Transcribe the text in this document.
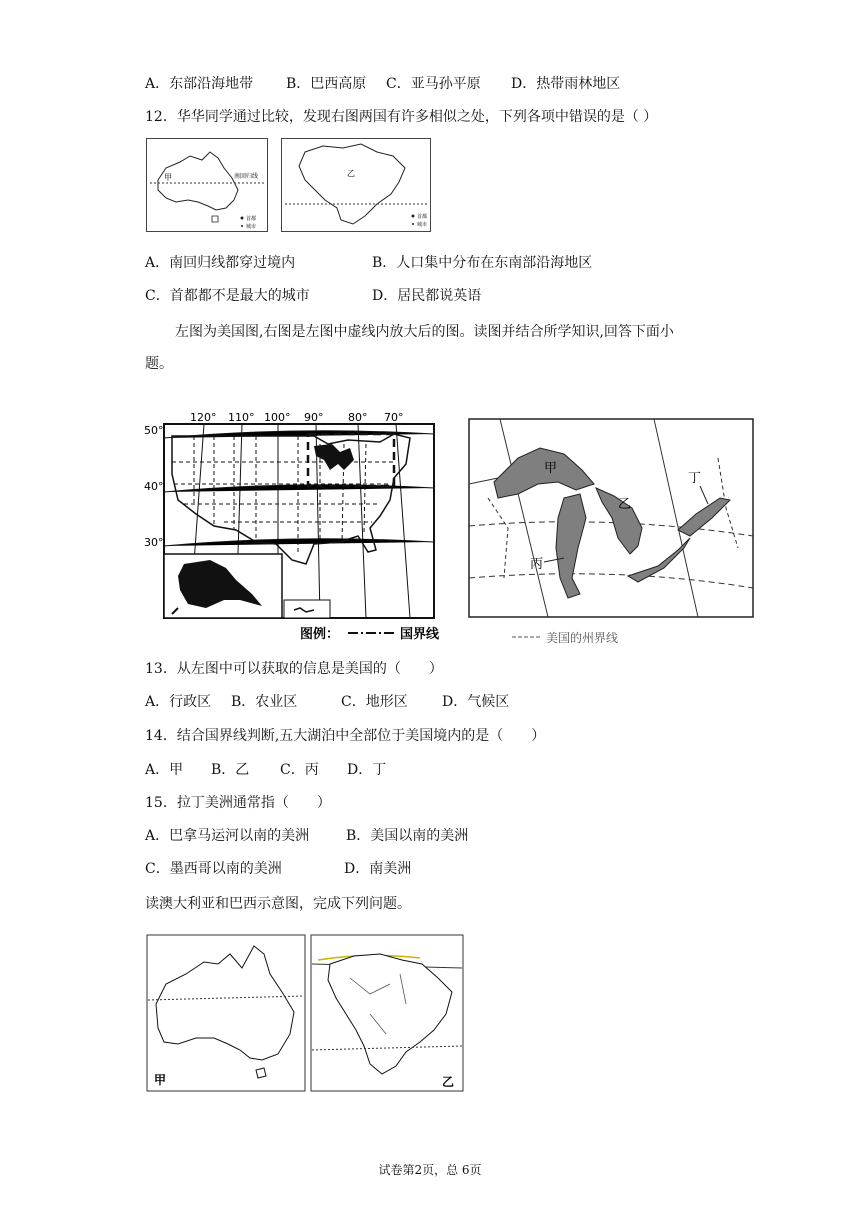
A．东部沿海地带 B．巴西高原 C．亚马孙平原 D．热带雨林地区
12．华华同学通过比较，发现右图两国有许多相似之处，下列各项中错误的是（ ）
甲	南回归线
首都
城市
乙
首都
城市
A．南回归线都穿过境内	B．人口集中分布在东南部沿海地区
C．首都都不是最大的城市	D．居民都说英语
左图为美国图,右图是左图中虚线内放大后的图。读图并结合所学知识,回答下面小
题。
120° 110° 100° 90° 80° 70°
50°
40°
30°
图例：	国界线
甲
乙
丙
丁
美国的州界线
13．从左图中可以获取的信息是美国的（　　）
A．行政区 B．农业区	C．地形区 D．气候区
14．结合国界线判断,五大湖泊中全部位于美国境内的是（　　）
A．甲 B．乙 C．丙 D．丁
15．拉丁美洲通常指（　　）
A．巴拿马运河以南的美洲	B．美国以南的美洲
C．墨西哥以南的美洲	D．南美洲
读澳大利亚和巴西示意图，完成下列问题。
甲	乙
试卷第2页，总 6页
